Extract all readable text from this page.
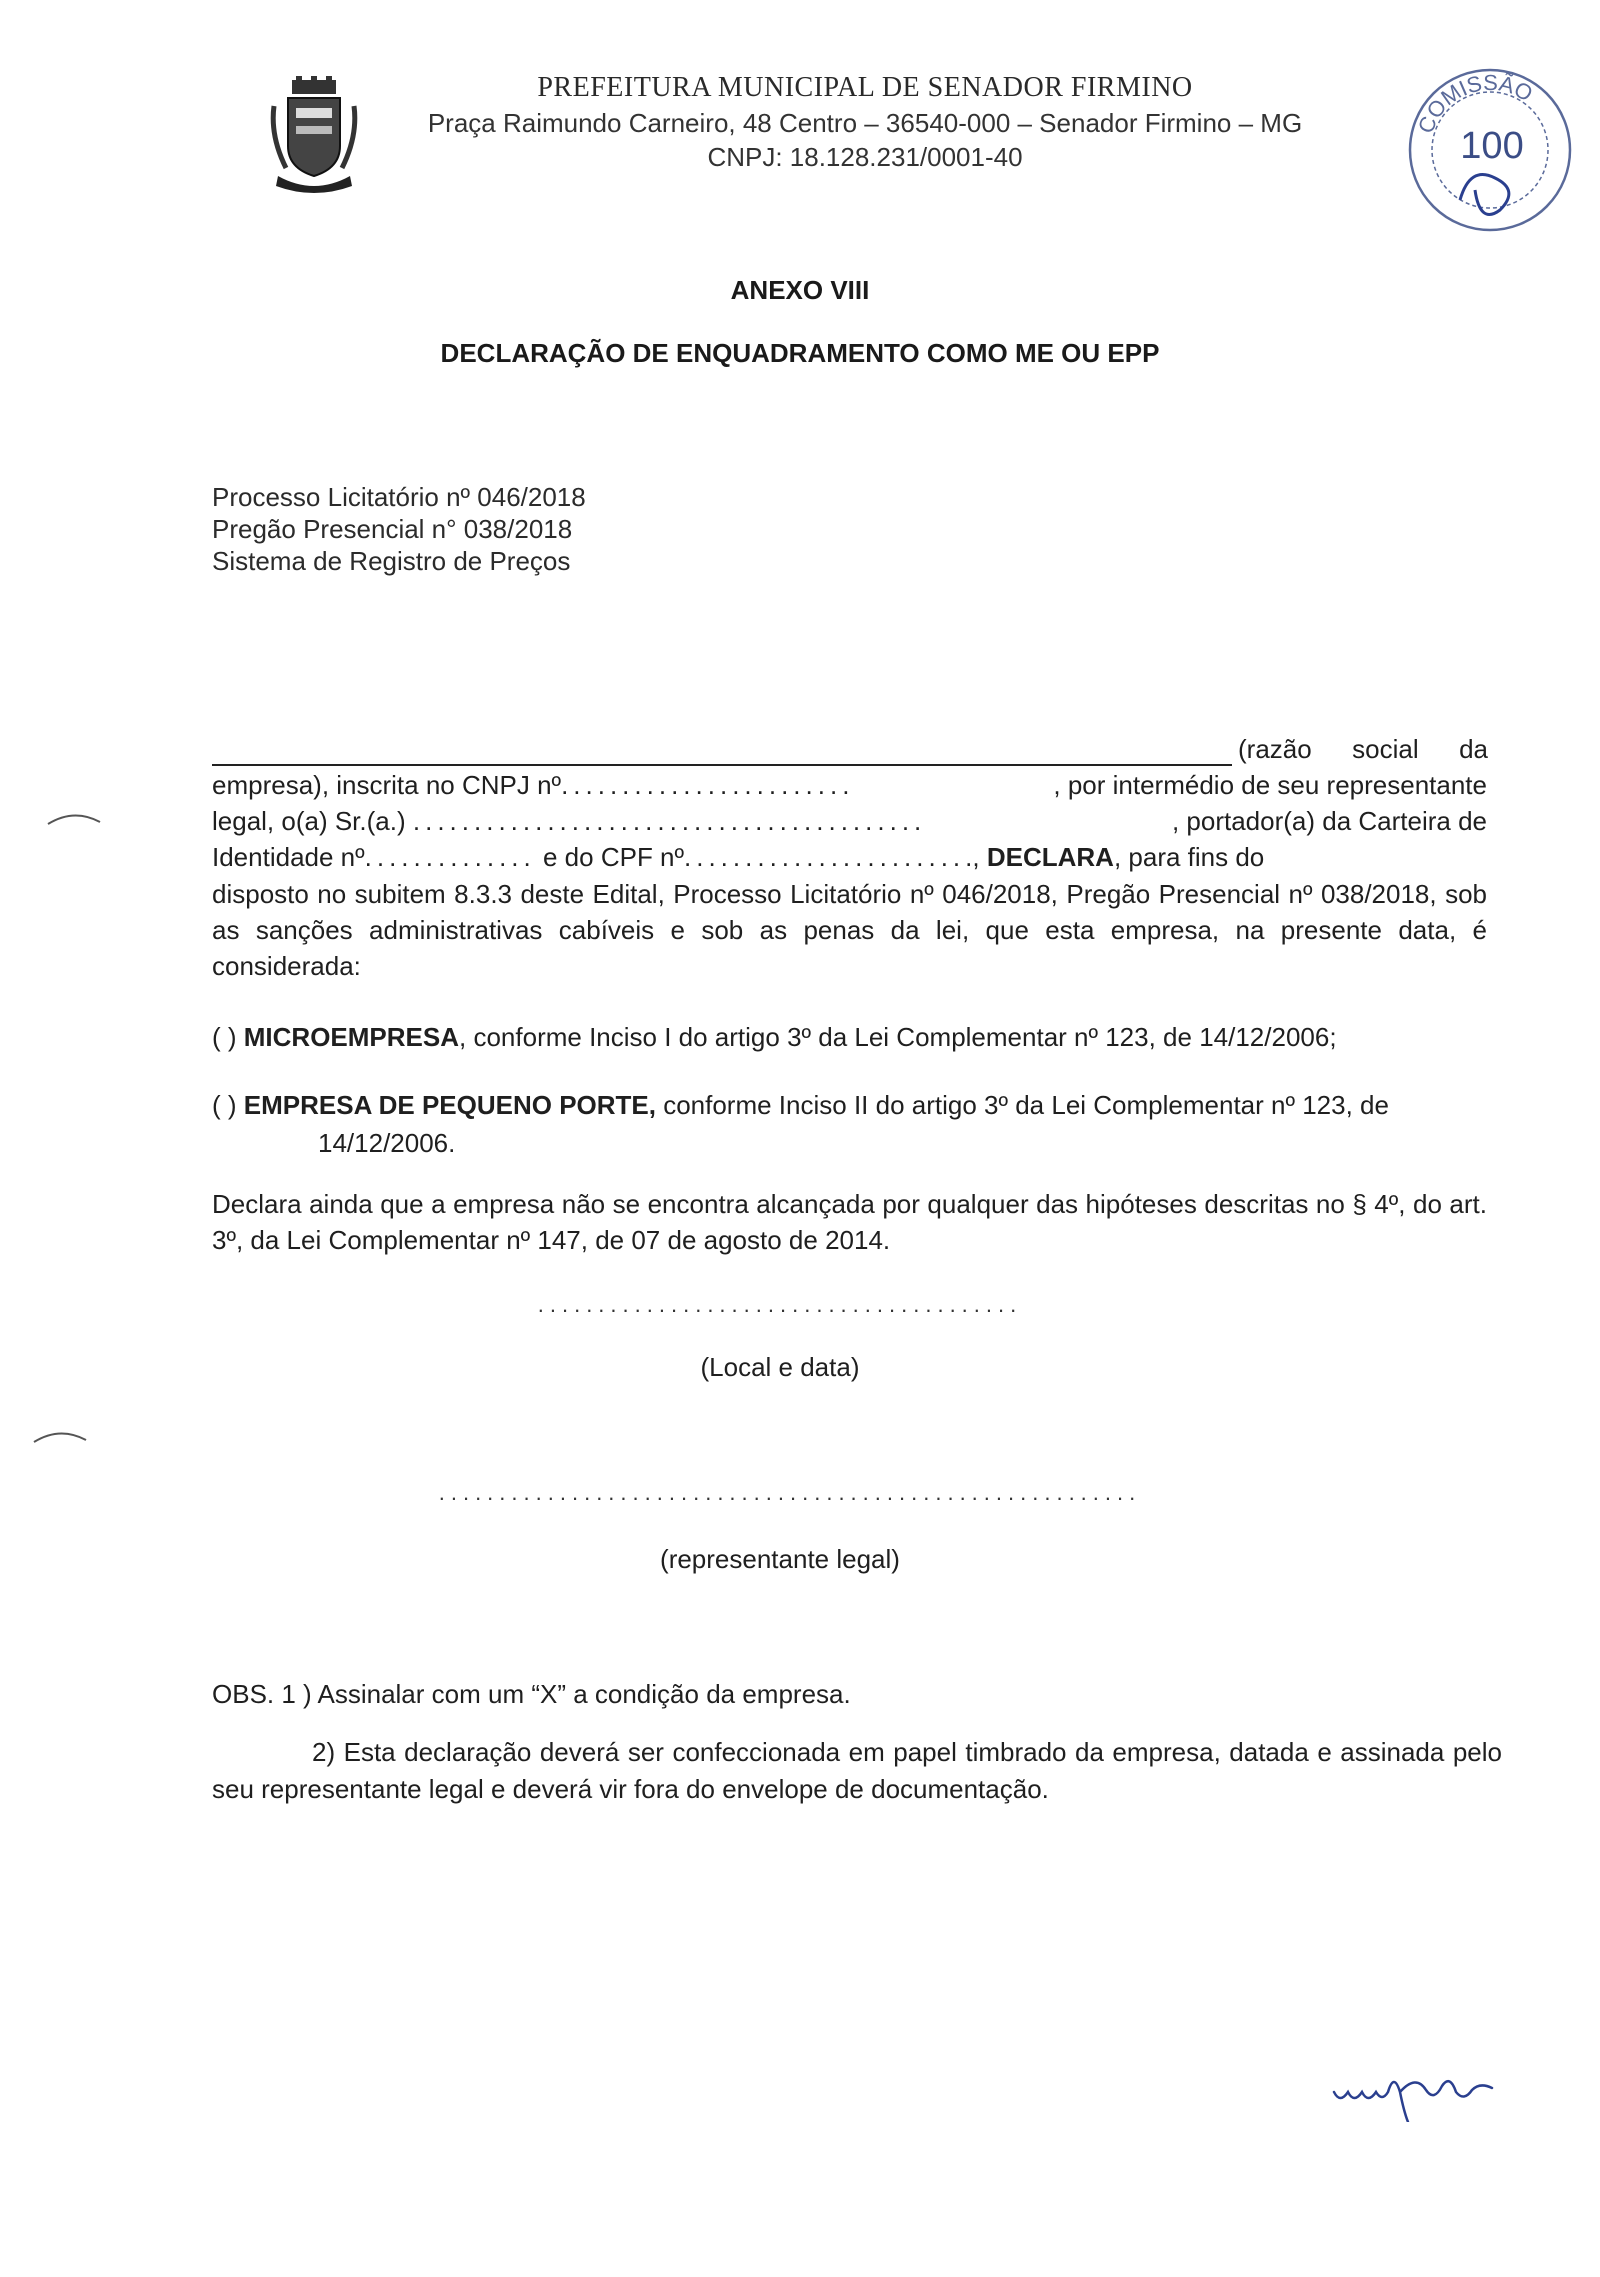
PREFEITURA MUNICIPAL DE SENADOR FIRMINO
Praça Raimundo Carneiro, 48 Centro – 36540-000 – Senador Firmino – MG
CNPJ: 18.128.231/0001-40
COMISSÃO
100
ANEXO VIII
DECLARAÇÃO DE ENQUADRAMENTO COMO ME OU EPP
Processo Licitatório nº 046/2018
Pregão Presencial n° 038/2018
Sistema de Registro de Preços
(razão social da
empresa), inscrita no CNPJ nº........................	, por intermédio de seu representante
legal, o(a) Sr.(a.) ..........................................	, portador(a) da Carteira de
Identidade nº.............. e do CPF nº........................, DECLARA, para fins do
disposto no subitem 8.3.3 deste Edital, Processo Licitatório nº 046/2018, Pregão Presencial nº 038/2018, sob as sanções administrativas cabíveis e sob as penas da lei, que esta empresa, na presente data, é considerada:
( ) MICROEMPRESA, conforme Inciso I do artigo 3º da Lei Complementar nº 123, de 14/12/2006;
( ) EMPRESA DE PEQUENO PORTE, conforme Inciso II do artigo 3º da Lei Complementar nº 123, de
14/12/2006.
Declara ainda que a empresa não se encontra alcançada por qualquer das hipóteses descritas no § 4º, do art. 3º, da Lei Complementar nº 147, de 07 de agosto de 2014.
........................................
(Local e data)
..........................................................
(representante legal)
OBS. 1 ) Assinalar com um “X” a condição da empresa.
2) Esta declaração deverá ser confeccionada em papel timbrado da empresa, datada e assinada pelo seu representante legal e deverá vir fora do envelope de documentação.
